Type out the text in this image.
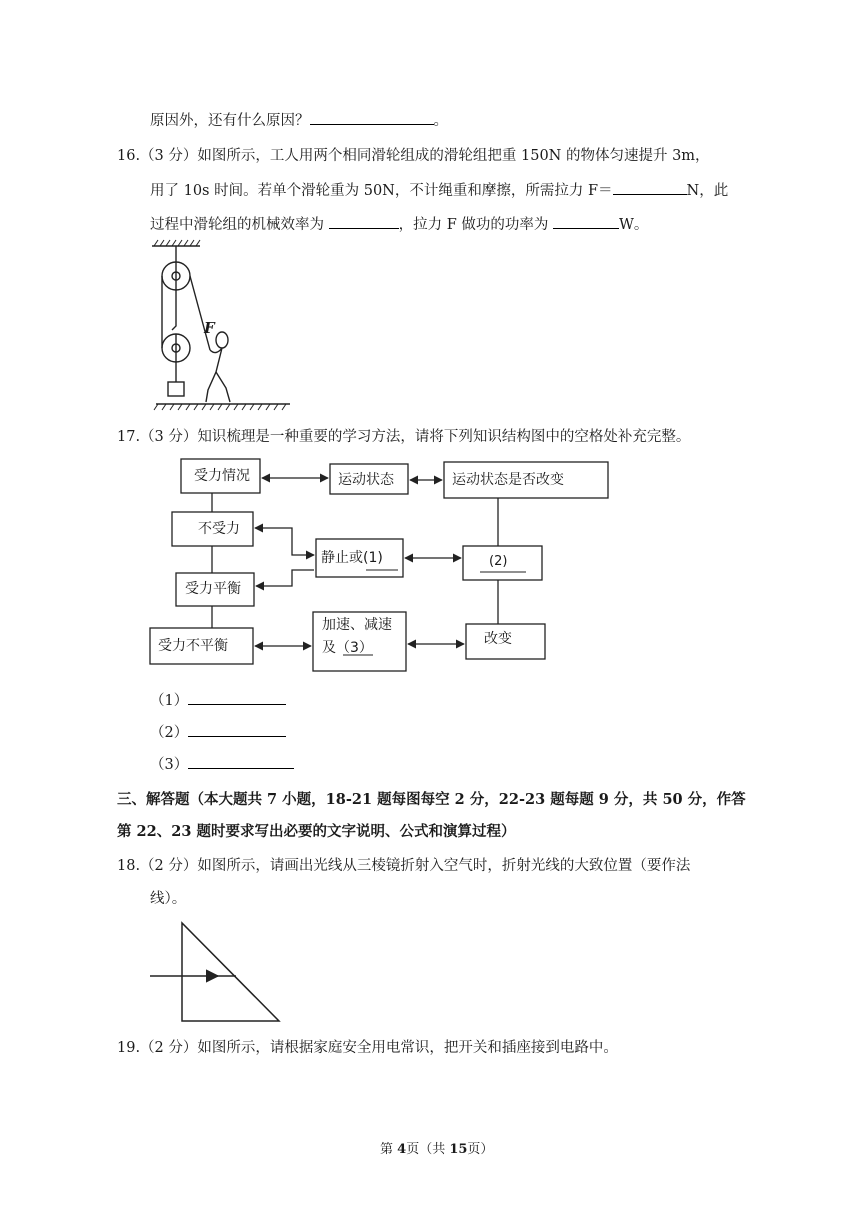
原因外，还有什么原因？	。
16.（3 分）如图所示，工人用两个相同滑轮组成的滑轮组把重 150N 的物体匀速提升 3m，
用了 10s 时间。若单个滑轮重为 50N，不计绳重和摩擦，所需拉力 F＝	N，此
过程中滑轮组的机械效率为	，拉力 F 做功的功率为	W。
F
17.（3 分）知识梳理是一种重要的学习方法，请将下列知识结构图中的空格处补充完整。
受力情况	运动状态	运动状态是否改变
不受力
受力平衡
受力不平衡
静止或(1)	(2)
加速、减速
及（3）
改变
（1）
（2）
（3）
三、解答题（本大题共 7 小题，18-21 题每图每空 2 分，22-23 题每题 9 分，共 50 分，作答
第 22、23 题时要求写出必要的文字说明、公式和演算过程）
18.（2 分）如图所示，请画出光线从三棱镜折射入空气时，折射光线的大致位置（要作法
线）。
19.（2 分）如图所示，请根据家庭安全用电常识，把开关和插座接到电路中。
第 4页（共 15页）
